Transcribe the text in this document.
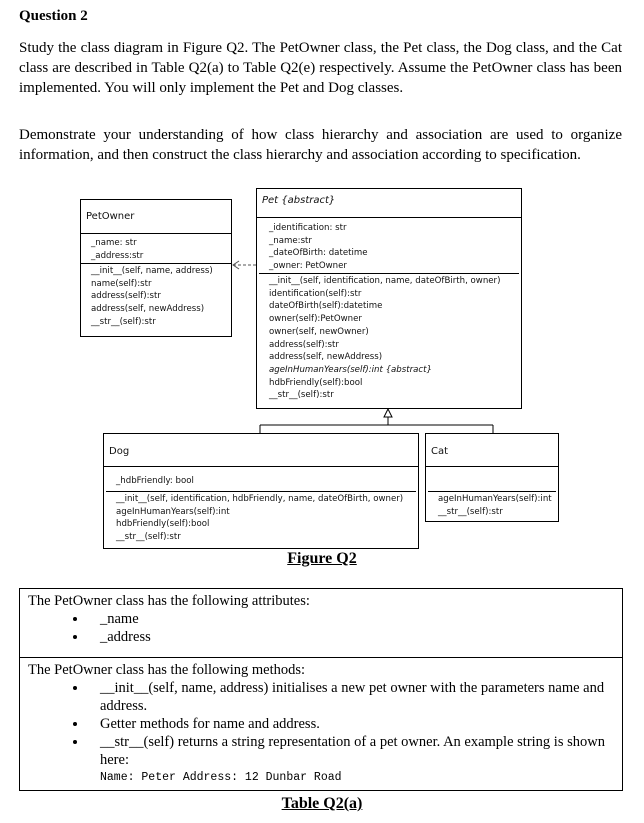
Question 2
Study the class diagram in Figure Q2. The PetOwner class, the Pet class, the Dog class, and the Cat class are described in Table Q2(a) to Table Q2(e) respectively. Assume the PetOwner class has been implemented. You will only implement the Pet and Dog classes.
Demonstrate your understanding of how class hierarchy and association are used to organize information, and then construct the class hierarchy and association according to specification.
PetOwner
_name: str
_address:str
__init__(self, name, address)
name(self):str
address(self):str
address(self, newAddress)
__str__(self):str
Pet {abstract}
_identification: str
_name:str
_dateOfBirth: datetime
_owner: PetOwner
__init__(self, identification, name, dateOfBirth, owner)
identification(self):str
dateOfBirth(self):datetime
owner(self):PetOwner
owner(self, newOwner)
address(self):str
address(self, newAddress)
ageInHumanYears(self):int {abstract}
hdbFriendly(self):bool
__str__(self):str
Dog
_hdbFriendly: bool
__init__(self, identification, hdbFriendly, name, dateOfBirth, owner)
ageInHumanYears(self):int
hdbFriendly(self):bool
__str__(self):str
Cat
ageInHumanYears(self):int
__str__(self):str
Figure Q2
The PetOwner class has the following attributes:
• _name
• _address

The PetOwner class has the following methods:
• __init__(self, name, address) initialises a new pet owner with the parameters name and address.
• Getter methods for name and address.
• __str__(self) returns a string representation of a pet owner. An example string is shown here:
Name: Peter Address: 12 Dunbar Road
Table Q2(a)
